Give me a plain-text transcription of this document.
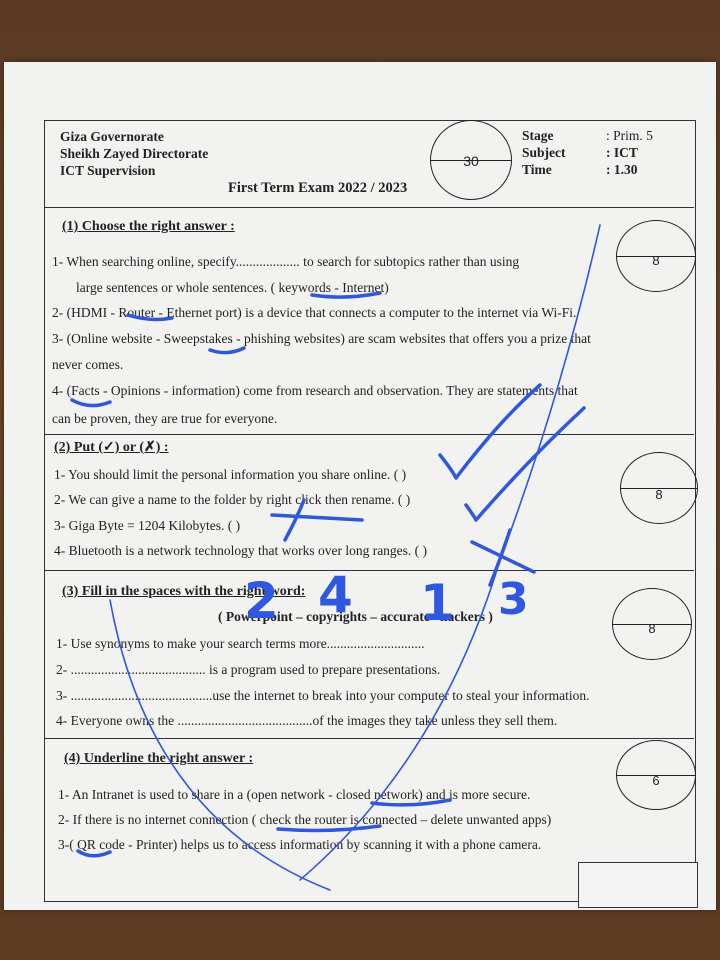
Giza Governorate
Sheikh Zayed Directorate
ICT Supervision
30
Stage
Subject
Time
: Prim. 5
: ICT
: 1.30
First Term Exam 2022 / 2023
(1) Choose the right answer :
8
1- When searching online, specify................... to search for subtopics rather than using
large sentences or whole sentences. ( keywords - Internet)
2- (HDMI - Router - Ethernet port) is a device that connects a computer to the internet via Wi-Fi.
3- (Online website - Sweepstakes - phishing websites) are scam websites that offers you a prize that
never comes.
4- (Facts - Opinions - information) come from research and observation. They are statements that
can be proven, they are true for everyone.
(2) Put (✓) or (✗) :
8
1- You should limit the personal information you share online. ( )
2- We can give a name to the folder by right click then rename. ( )
3- Giga Byte = 1204 Kilobytes. ( )
4- Bluetooth is a network technology that works over long ranges. ( )
(3) Fill in the spaces with the right word:
( Powerpoint – copyrights – accurate– hackers )
8
1- Use synonyms to make your search terms more.............................
2- ........................................ is a program used to prepare presentations.
3- ..........................................use the internet to break into your computer to steal your information.
4- Everyone owns the ........................................of the images they take unless they sell them.
(4) Underline the right answer :
6
1- An Intranet is used to share in a (open network - closed network) and is more secure.
2- If there is no internet connection ( check the router is connected – delete unwanted apps)
3-( QR code - Printer) helps us to access information by scanning it with a phone camera.
2 4 1 3
